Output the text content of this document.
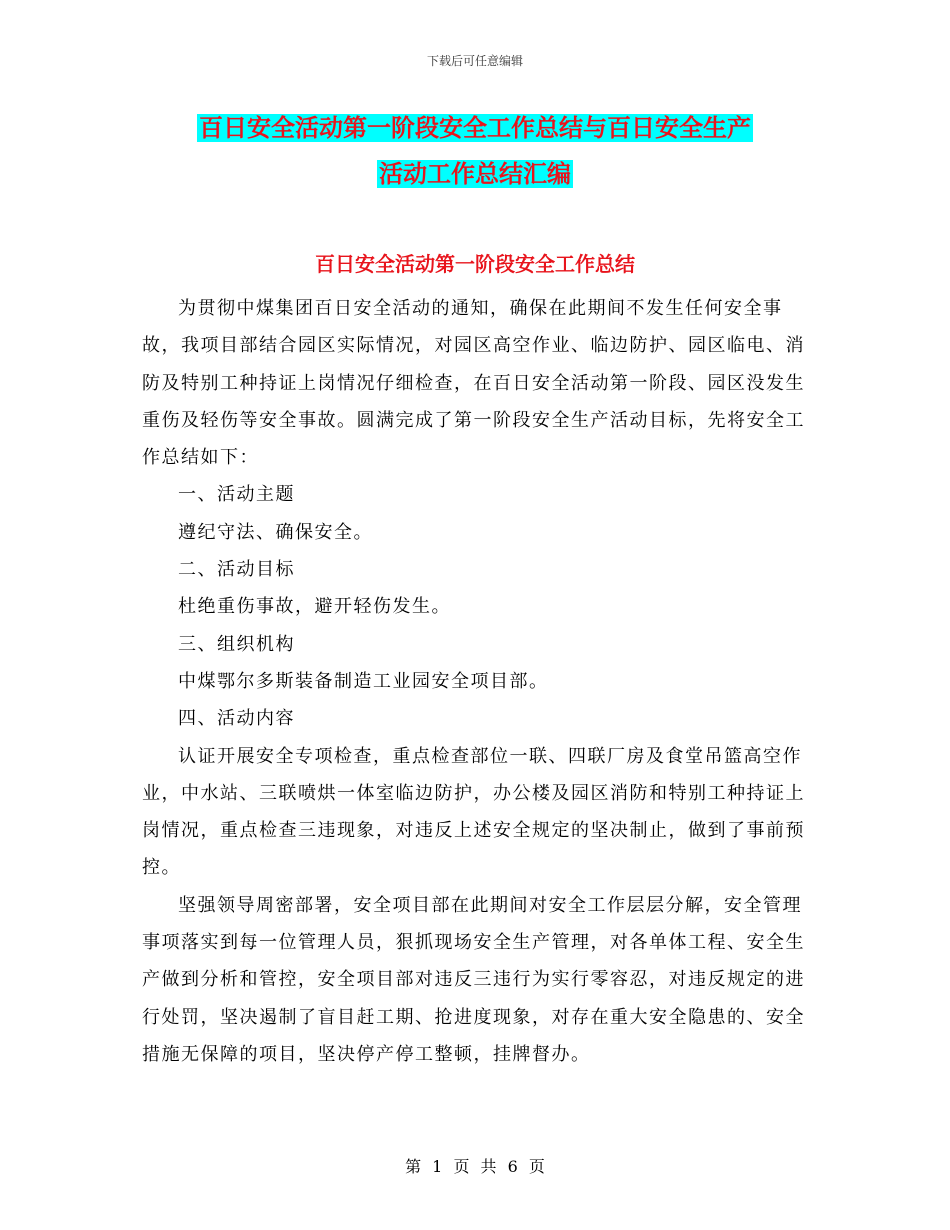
下载后可任意编辑
百日安全活动第一阶段安全工作总结与百日安全生产
活动工作总结汇编
百日安全活动第一阶段安全工作总结

为贯彻中煤集团百日安全活动的通知，确保在此期间不发生任何安全事故，我项目部结合园区实际情况，对园区高空作业、临边防护、园区临电、消防及特别工种持证上岗情况仔细检查，在百日安全活动第一阶段、园区没发生重伤及轻伤等安全事故。圆满完成了第一阶段安全生产活动目标，先将安全工作总结如下：

一、活动主题

遵纪守法、确保安全。

二、活动目标

杜绝重伤事故，避开轻伤发生。

三、组织机构

中煤鄂尔多斯装备制造工业园安全项目部。

四、活动内容

认证开展安全专项检查，重点检查部位一联、四联厂房及食堂吊篮高空作业，中水站、三联喷烘一体室临边防护，办公楼及园区消防和特别工种持证上岗情况，重点检查三违现象，对违反上述安全规定的坚决制止，做到了事前预控。

坚强领导周密部署，安全项目部在此期间对安全工作层层分解，安全管理事项落实到每一位管理人员，狠抓现场安全生产管理，对各单体工程、安全生产做到分析和管控，安全项目部对违反三违行为实行零容忍，对违反规定的进行处罚，坚决遏制了盲目赶工期、抢进度现象，对存在重大安全隐患的、安全措施无保障的项目，坚决停产停工整顿，挂牌督办。

第 1 页 共 6 页
